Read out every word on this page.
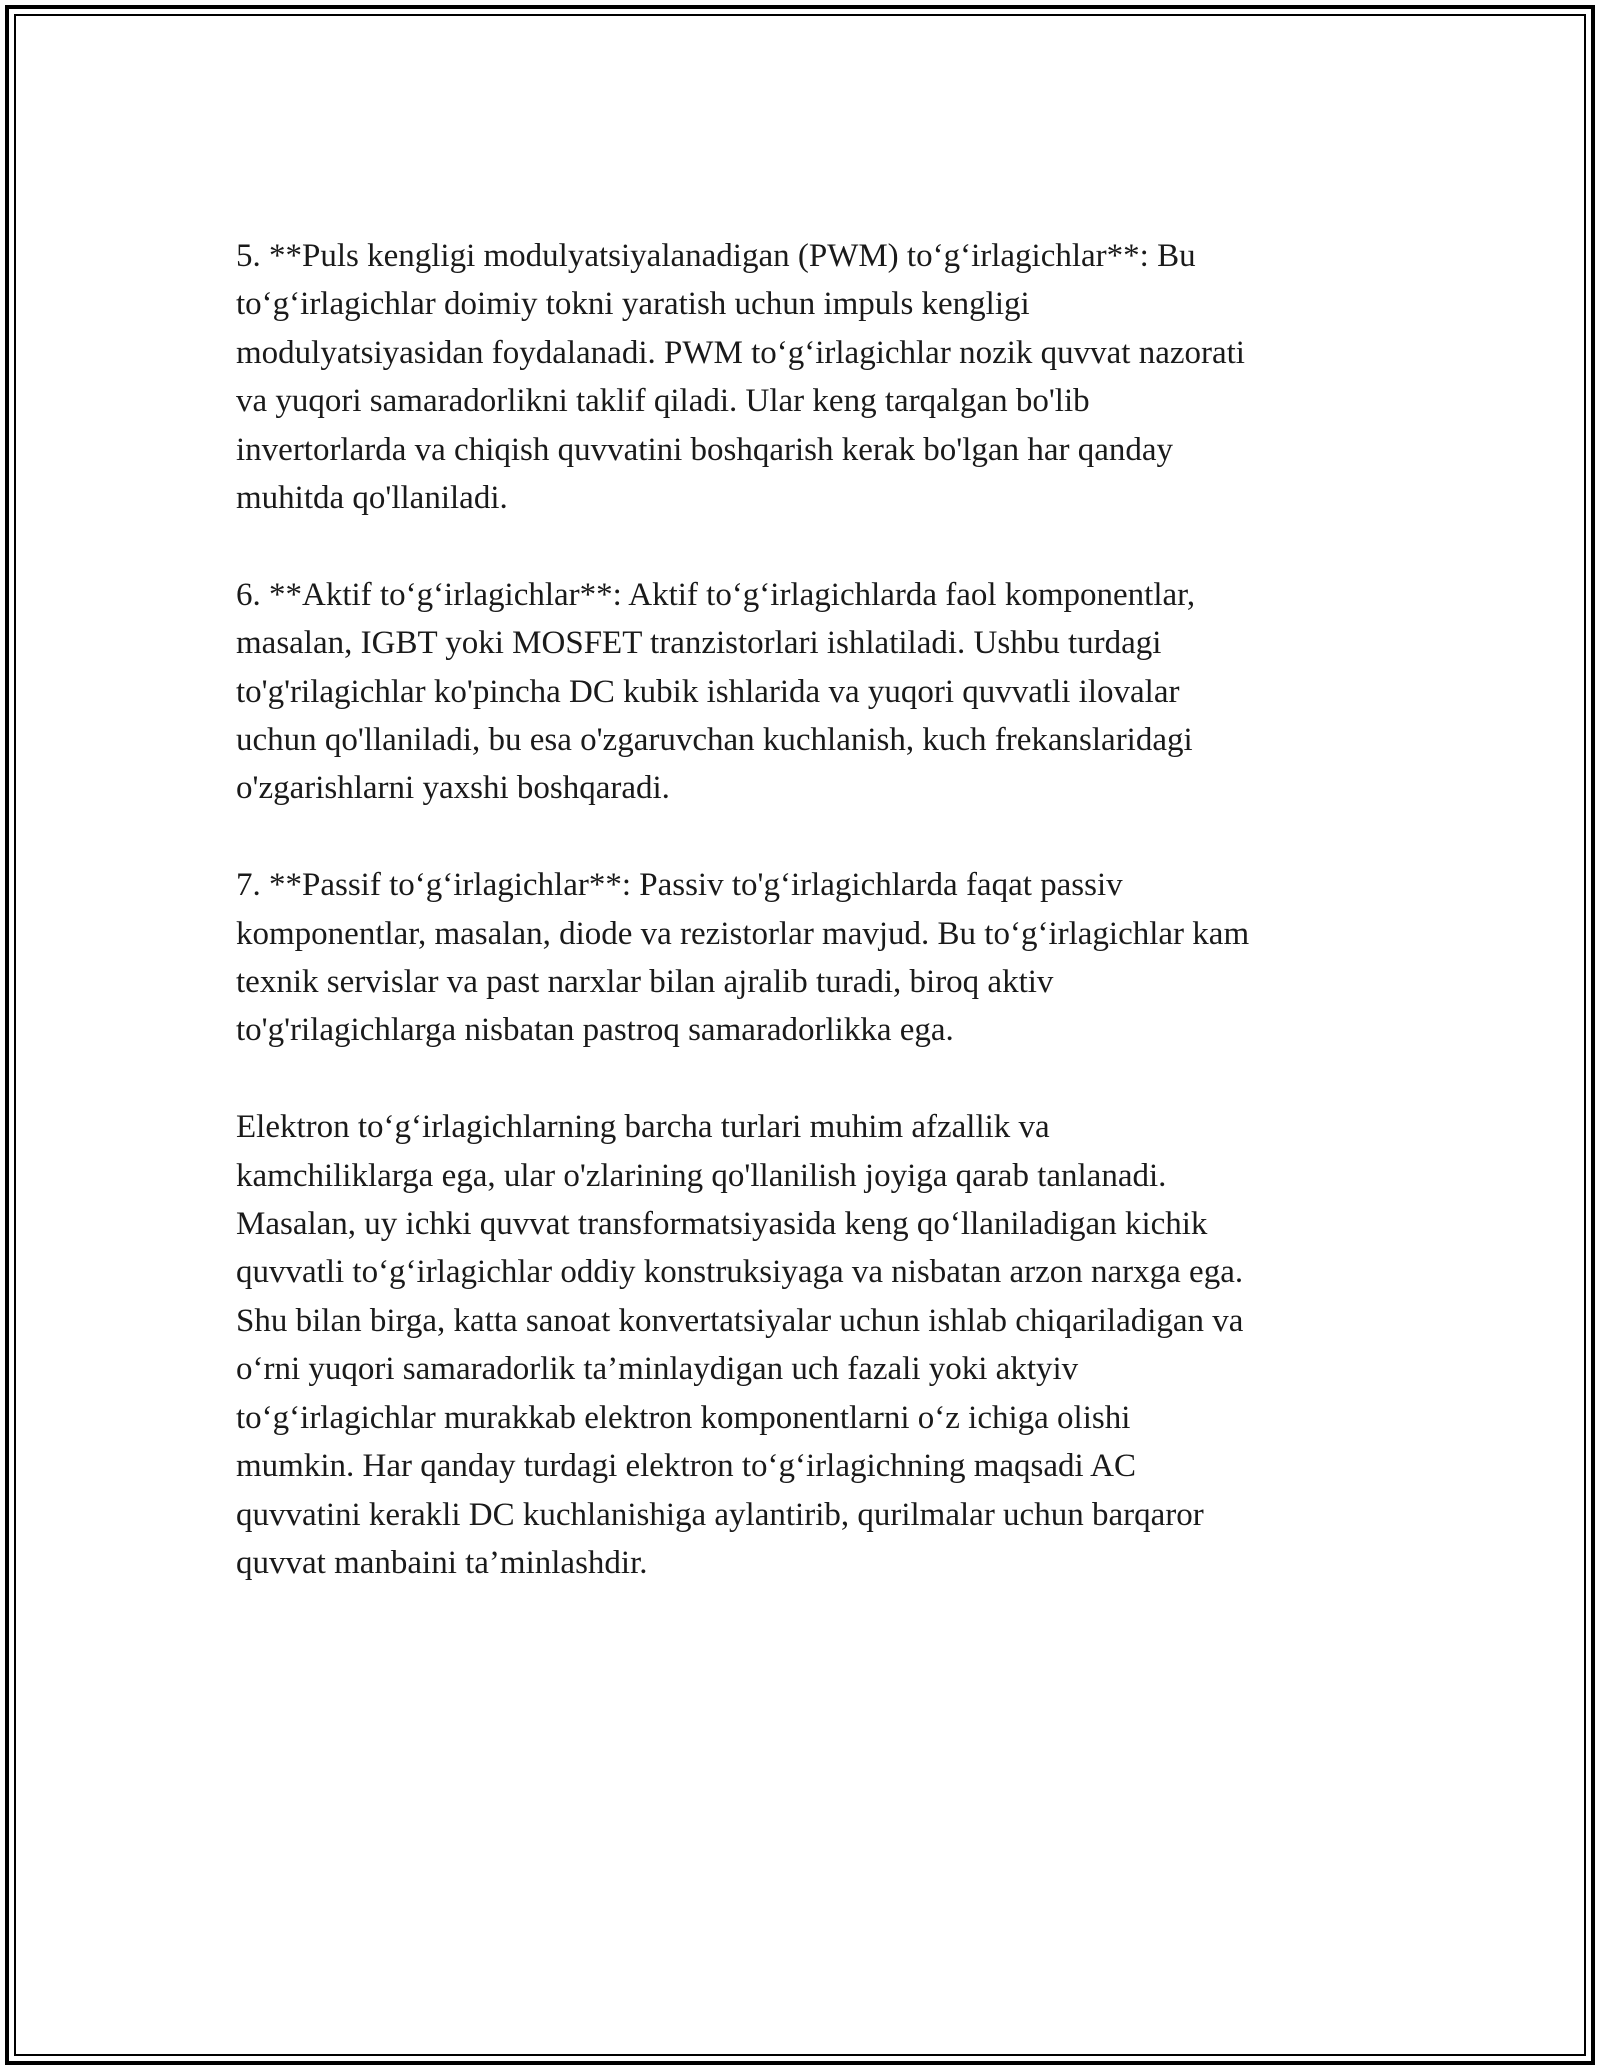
5. **Puls kengligi modulyatsiyalanadigan (PWM) to‘g‘irlagichlar**: Bu
to‘g‘irlagichlar doimiy tokni yaratish uchun impuls kengligi
modulyatsiyasidan foydalanadi. PWM to‘g‘irlagichlar nozik quvvat nazorati
va yuqori samaradorlikni taklif qiladi. Ular keng tarqalgan bo'lib
invertorlarda va chiqish quvvatini boshqarish kerak bo'lgan har qanday
muhitda qo'llaniladi.

6. **Aktif to‘g‘irlagichlar**: Aktif to‘g‘irlagichlarda faol komponentlar,
masalan, IGBT yoki MOSFET tranzistorlari ishlatiladi. Ushbu turdagi
to'g'rilagichlar ko'pincha DC kubik ishlarida va yuqori quvvatli ilovalar
uchun qo'llaniladi, bu esa o'zgaruvchan kuchlanish, kuch frekanslaridagi
o'zgarishlarni yaxshi boshqaradi.

7. **Passif to‘g‘irlagichlar**: Passiv to'g‘irlagichlarda faqat passiv
komponentlar, masalan, diode va rezistorlar mavjud. Bu to‘g‘irlagichlar kam
texnik servislar va past narxlar bilan ajralib turadi, biroq aktiv
to'g'rilagichlarga nisbatan pastroq samaradorlikka ega.

Elektron to‘g‘irlagichlarning barcha turlari muhim afzallik va
kamchiliklarga ega, ular o'zlarining qo'llanilish joyiga qarab tanlanadi.
Masalan, uy ichki quvvat transformatsiyasida keng qo‘llaniladigan kichik
quvvatli to‘g‘irlagichlar oddiy konstruksiyaga va nisbatan arzon narxga ega.
Shu bilan birga, katta sanoat konvertatsiyalar uchun ishlab chiqariladigan va
o‘rni yuqori samaradorlik ta’minlaydigan uch fazali yoki aktyiv
to‘g‘irlagichlar murakkab elektron komponentlarni o‘z ichiga olishi
mumkin. Har qanday turdagi elektron to‘g‘irlagichning maqsadi AC
quvvatini kerakli DC kuchlanishiga aylantirib, qurilmalar uchun barqaror
quvvat manbaini ta’minlashdir.
